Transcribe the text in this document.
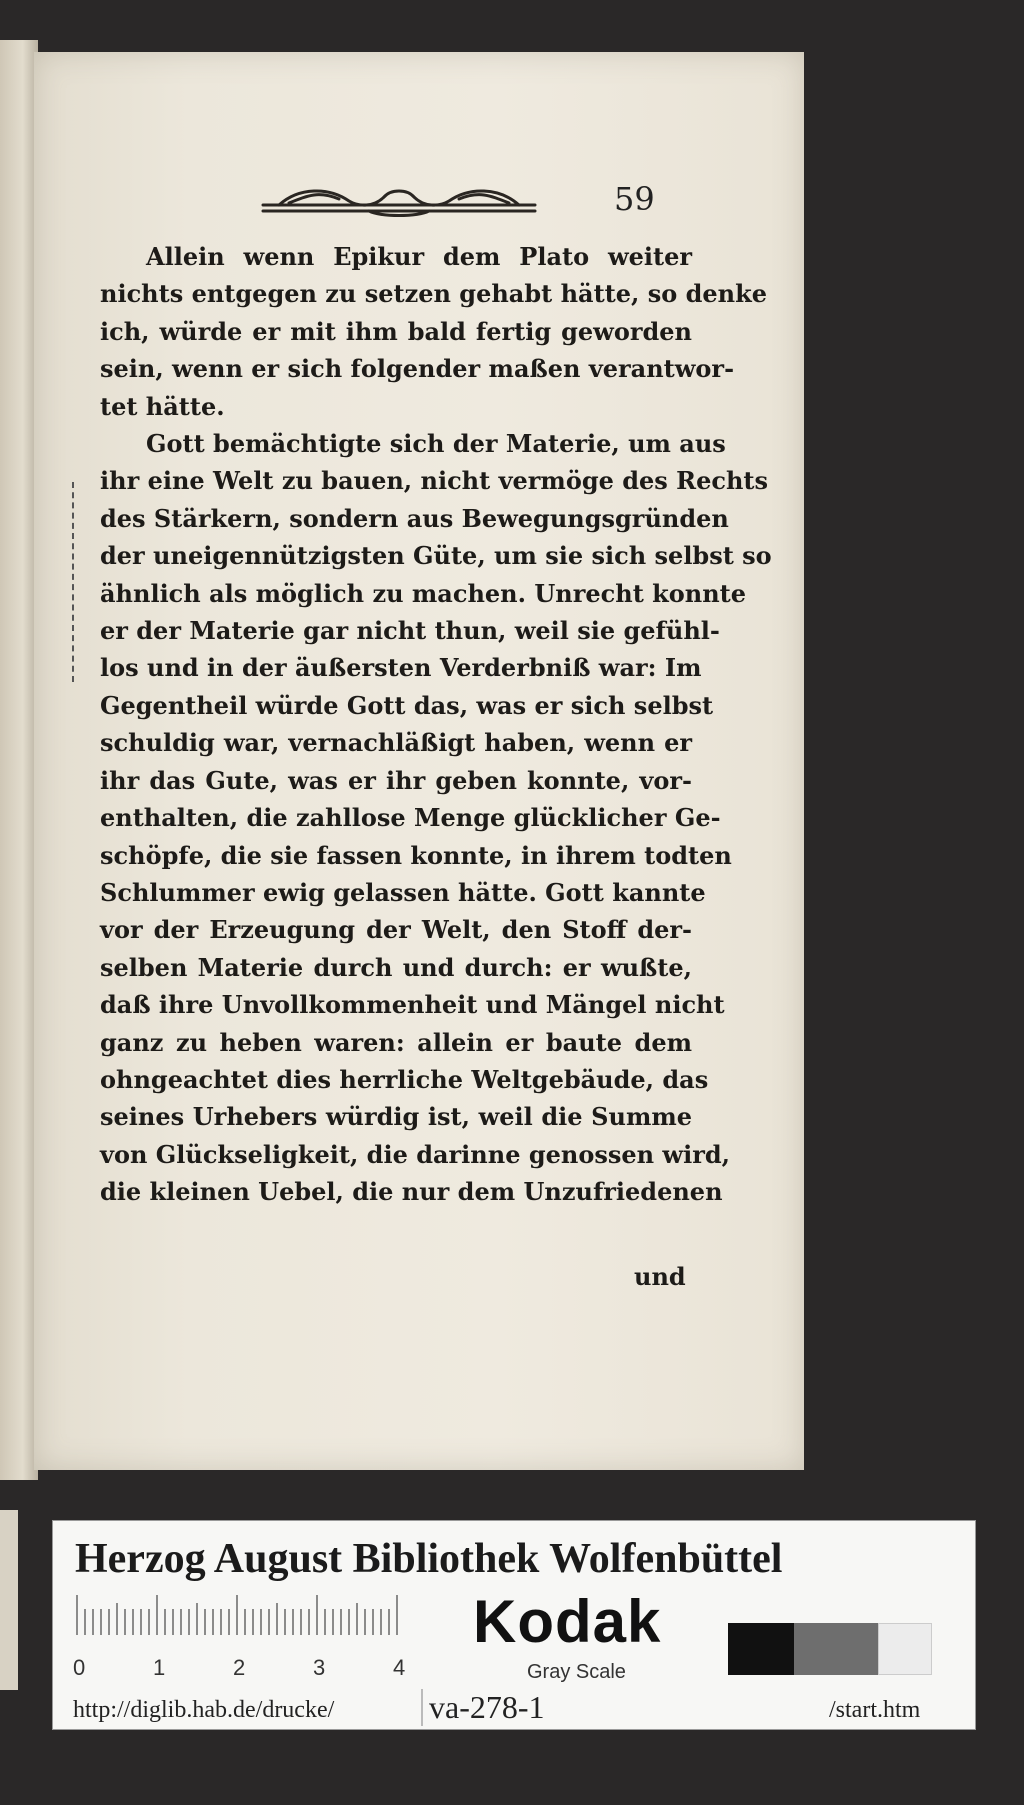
59
Allein wenn Epikur dem Plato weiter
nichts entgegen zu setzen gehabt hätte, so denke
ich, würde er mit ihm bald fertig geworden
sein, wenn er sich folgender maßen verantwor-
tet hätte.
Gott bemächtigte sich der Materie, um aus
ihr eine Welt zu bauen, nicht vermöge des Rechts
des Stärkern, sondern aus Bewegungsgründen
der uneigennützigsten Güte, um sie sich selbst so
ähnlich als möglich zu machen. Unrecht konnte
er der Materie gar nicht thun, weil sie gefühl-
los und in der äußersten Verderbniß war: Im
Gegentheil würde Gott das, was er sich selbst
schuldig war, vernachläßigt haben, wenn er
ihr das Gute, was er ihr geben konnte, vor-
enthalten, die zahllose Menge glücklicher Ge-
schöpfe, die sie fassen konnte, in ihrem todten
Schlummer ewig gelassen hätte. Gott kannte
vor der Erzeugung der Welt, den Stoff der-
selben Materie durch und durch: er wußte,
daß ihre Unvollkommenheit und Mängel nicht
ganz zu heben waren: allein er baute dem
ohngeachtet dies herrliche Weltgebäude, das
seines Urhebers würdig ist, weil die Summe
von Glückseligkeit, die darinne genossen wird,
die kleinen Uebel, die nur dem Unzufriedenen
und
Herzog August Bibliothek Wolfenbüttel
0	1	2	3	4
Kodak
Gray Scale
http://diglib.hab.de/drucke/	va-278-1	/start.htm
